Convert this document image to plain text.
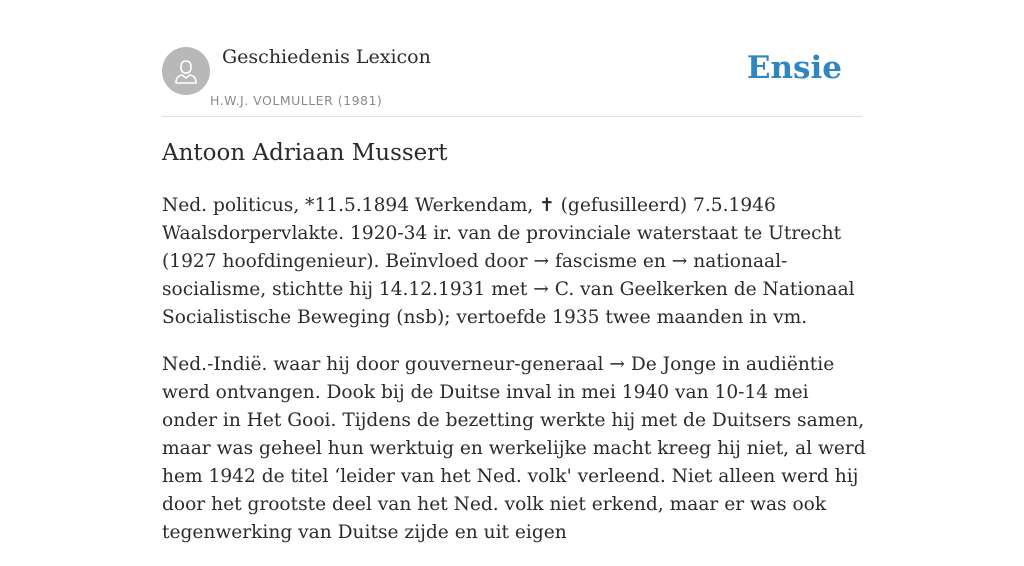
Geschiedenis Lexicon
H.W.J. VOLMULLER (1981)
Ensie
Antoon Adriaan Mussert

Ned. politicus, *11.5.1894 Werkendam, ✝ (gefusilleerd) 7.5.1946 Waalsdorpervlakte. 1920-34 ir. van de provinciale waterstaat te Utrecht (1927 hoofdingenieur). Beïnvloed door → fascisme en → nationaal-socialisme, stichtte hij 14.12.1931 met → C. van Geelkerken de Nationaal Socialistische Beweging (nsb); vertoefde 1935 twee maanden in vm.

Ned.-Indië. waar hij door gouverneur-generaal → De Jonge in audiëntie werd ontvangen. Dook bij de Duitse inval in mei 1940 van 10-14 mei onder in Het Gooi. Tijdens de bezetting werkte hij met de Duitsers samen, maar was geheel hun werktuig en werkelijke macht kreeg hij niet, al werd hem 1942 de titel ‘leider van het Ned. volk' verleend. Niet alleen werd hij door het grootste deel van het Ned. volk niet erkend, maar er was ook tegenwerking van Duitse zijde en uit eigen
